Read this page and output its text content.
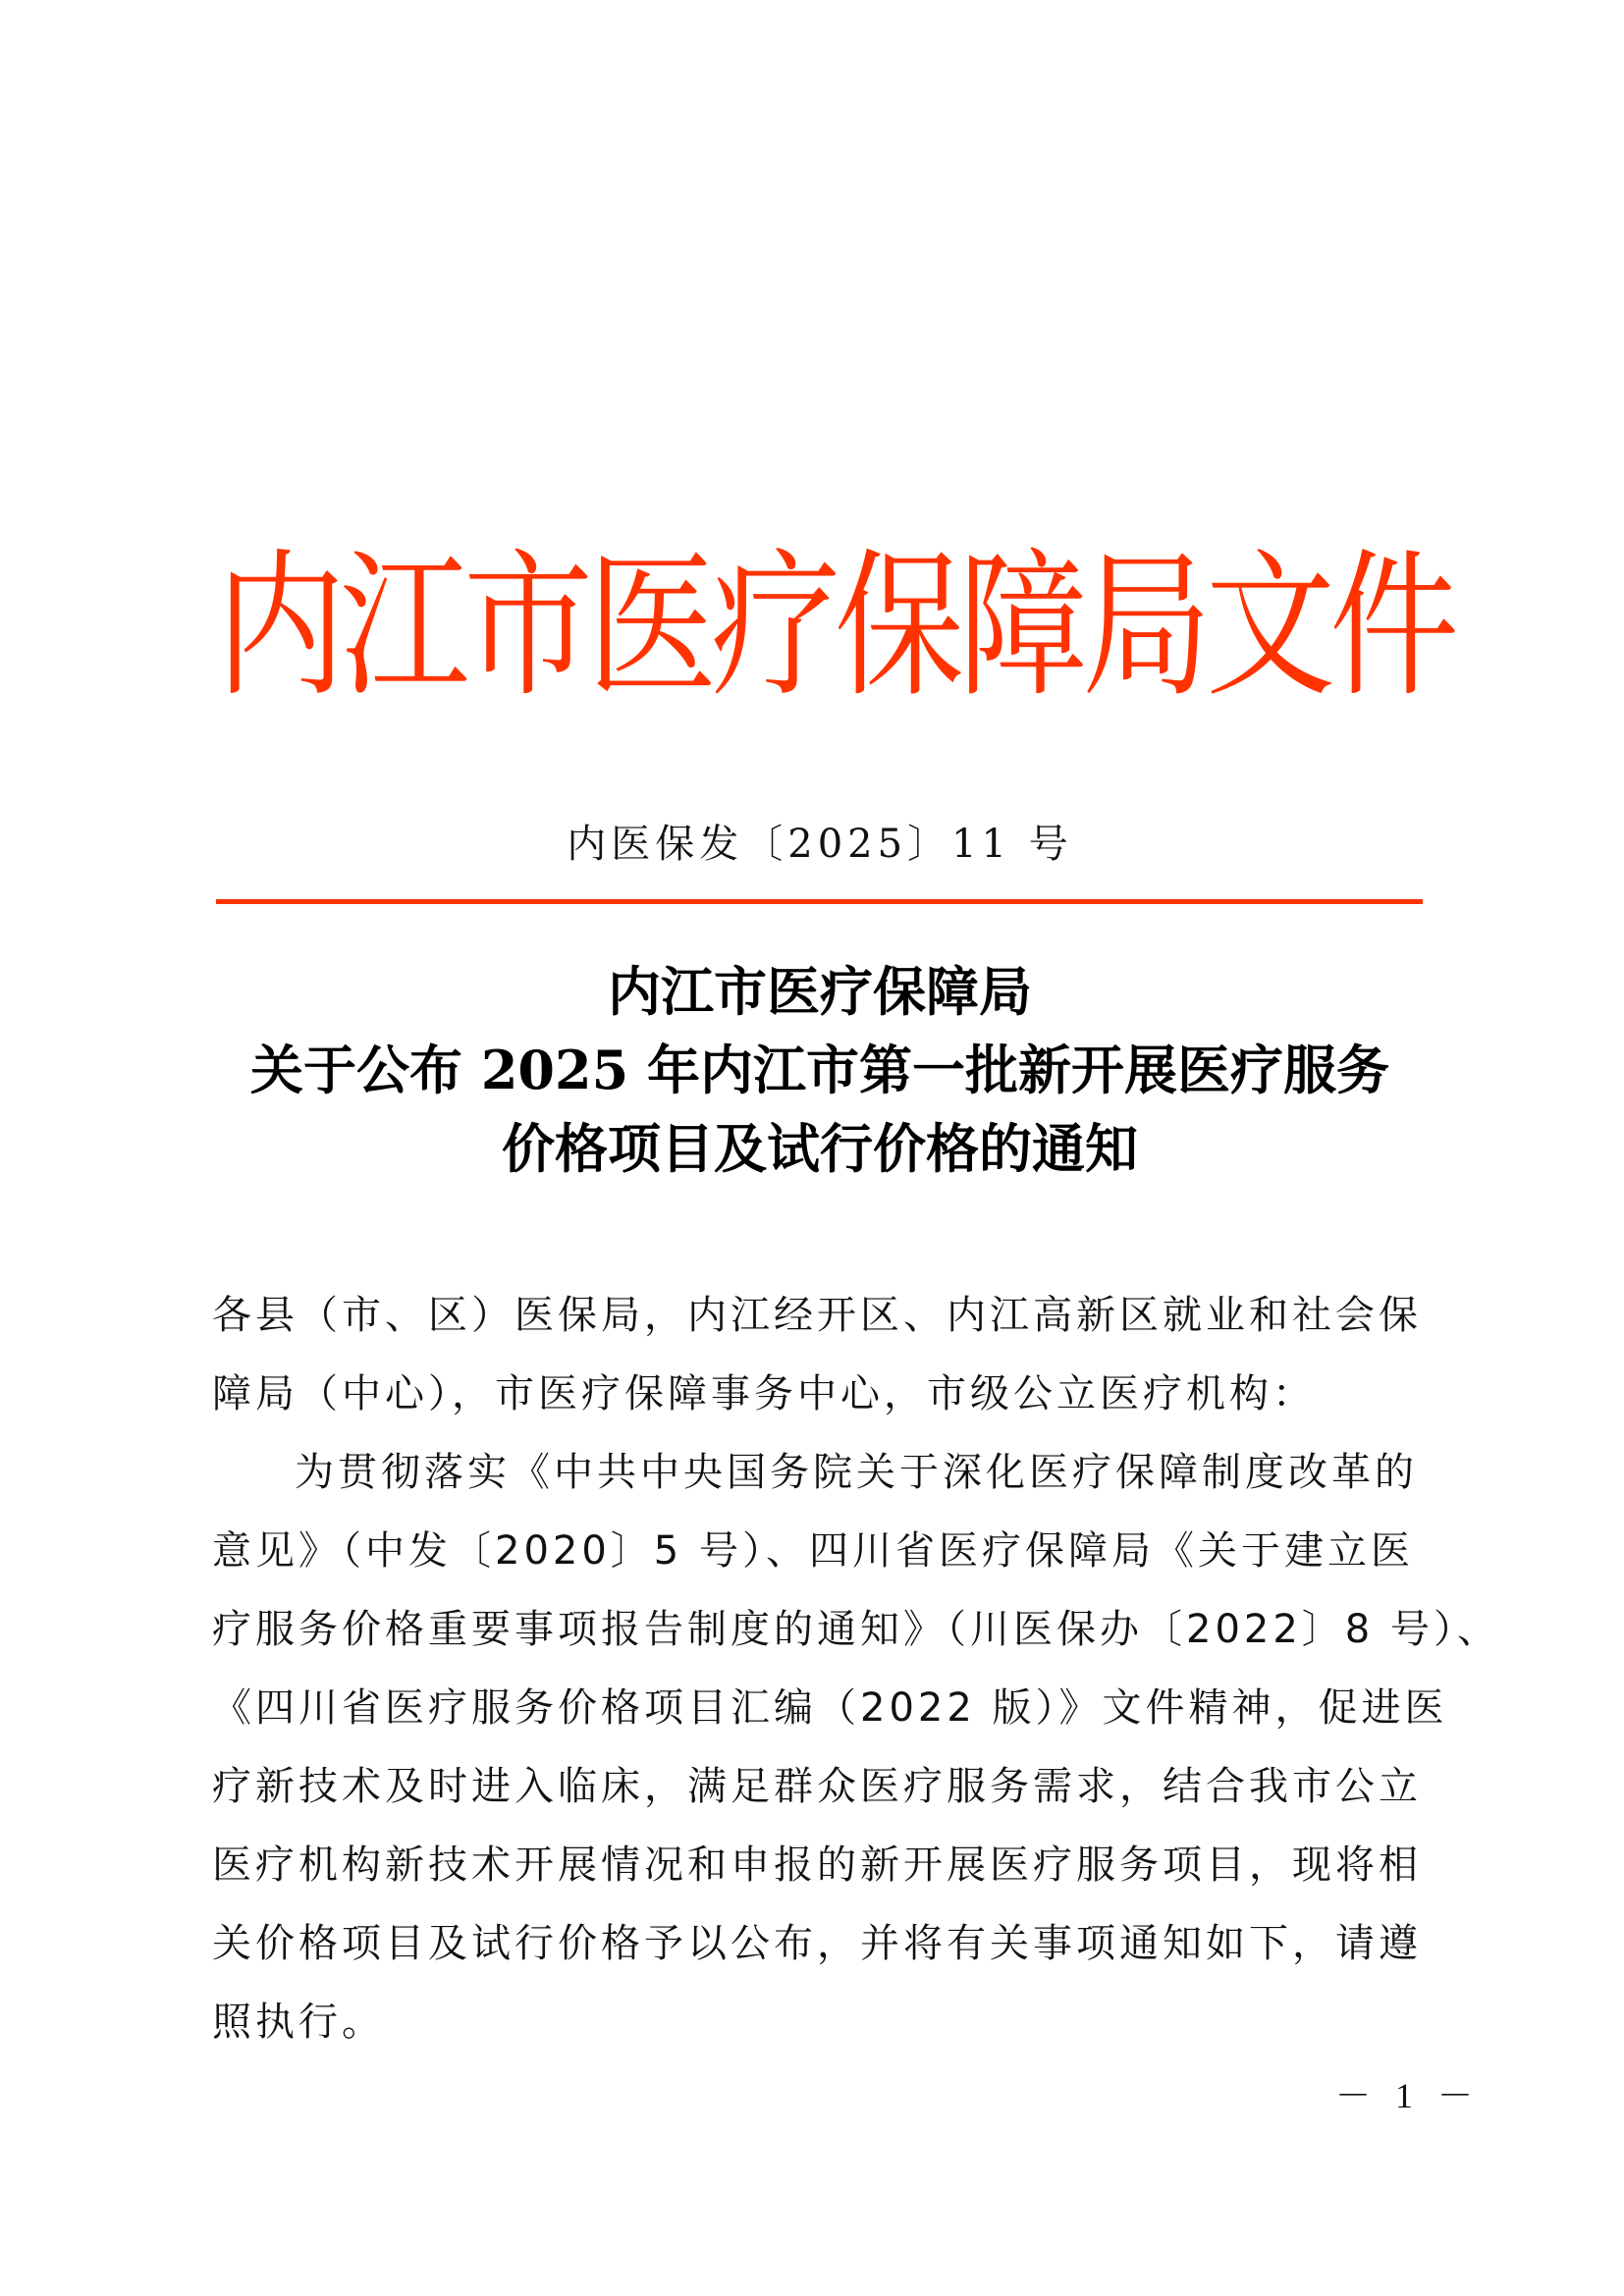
内江市医疗保障局文件
内医保发〔2025〕11 号
内江市医疗保障局
关于公布 2025 年内江市第一批新开展医疗服务
价格项目及试行价格的通知
各县（市、区）医保局，内江经开区、内江高新区就业和社会保
障局（中心），市医疗保障事务中心，市级公立医疗机构：
为贯彻落实《中共中央国务院关于深化医疗保障制度改革的
意见》（中发〔2020〕5 号）、四川省医疗保障局《关于建立医
疗服务价格重要事项报告制度的通知》（川医保办〔2022〕8 号）、
《四川省医疗服务价格项目汇编（2022 版）》文件精神，促进医
疗新技术及时进入临床，满足群众医疗服务需求，结合我市公立
医疗机构新技术开展情况和申报的新开展医疗服务项目，现将相
关价格项目及试行价格予以公布，并将有关事项通知如下，请遵
照执行。
－ 1 －
